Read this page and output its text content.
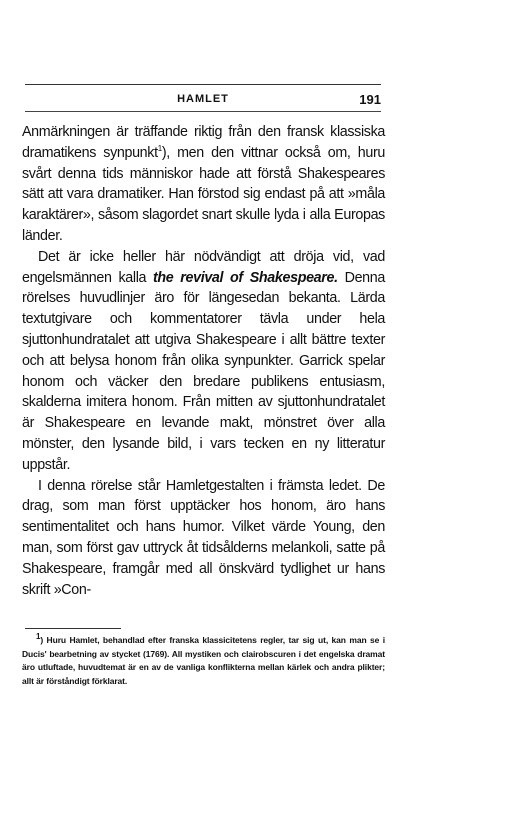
HAMLET	191

Anmärkningen är träffande riktig från den fransk klassiska dramatikens synpunkt$^1$), men den vittnar också om, huru svårt denna tids människor hade att förstå Shakespeares sätt att vara dramatiker. Han förstod sig endast på att »måla karaktärer», såsom slagordet snart skulle lyda i alla Europas länder.

Det är icke heller här nödvändigt att dröja vid, vad engelsmännen kalla the revival of Shakespeare. Denna rörelses huvudlinjer äro för längesedan bekanta. Lärda textutgivare och kommentatorer tävla under hela sjuttonhundratalet att utgiva Shakespeare i allt bättre texter och att belysa honom från olika synpunkter. Garrick spelar honom och väcker den bredare publikens entusiasm, skalderna imitera honom. Från mitten av sjuttonhundratalet är Shakespeare en levande makt, mönstret över alla mönster, den lysande bild, i vars tecken en ny litteratur uppstår.

I denna rörelse står Hamletgestalten i främsta ledet. De drag, som man först upptäcker hos honom, äro hans sentimentalitet och hans humor. Vilket värde Young, den man, som först gav uttryck åt tidsålderns melankoli, satte på Shakespeare, framgår med all önskvärd tydlighet ur hans skrift »Con-

$^1$) Huru Hamlet, behandlad efter franska klassicitetens regler, tar sig ut, kan man se i Ducis' bearbetning av stycket (1769). All mystiken och clairobscuren i det engelska dramat äro utluftade, huvudtemat är en av de vanliga konflikterna mellan kärlek och andra plikter; allt är förståndigt förklarat.
